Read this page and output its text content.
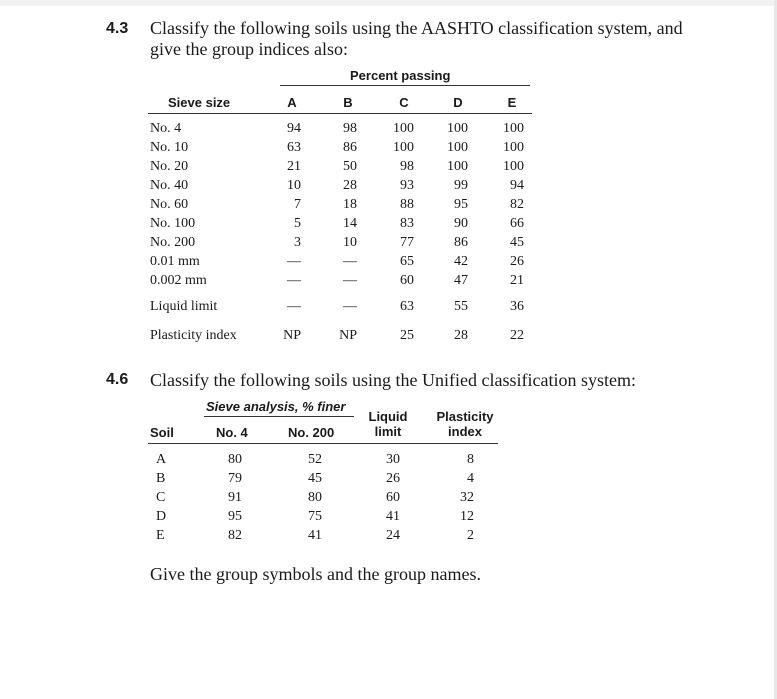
4.3 Classify the following soils using the AASHTO classification system, and
give the group indices also:
Percent passing
Sieve size	A	B	C	D	E
No. 4	94	98	100	100	100
No. 10	63	86	100	100	100
No. 20	21	50	98	100	100
No. 40	10	28	93	99	94
No. 60	7	18	88	95	82
No. 100	5	14	83	90	66
No. 200	3	10	77	86	45
0.01 mm	—	—	65	42	26
0.002 mm	—	—	60	47	21
Liquid limit	—	—	63	55	36
Plasticity index	NP	NP	25	28	22
4.6 Classify the following soils using the Unified classification system:
Sieve analysis, % finer
Soil	No. 4	No. 200
Liquid
limit
Plasticity
index
A	80	52	30	8
B	79	45	26	4
C	91	80	60	32
D	95	75	41	12
E	82	41	24	2
Give the group symbols and the group names.
